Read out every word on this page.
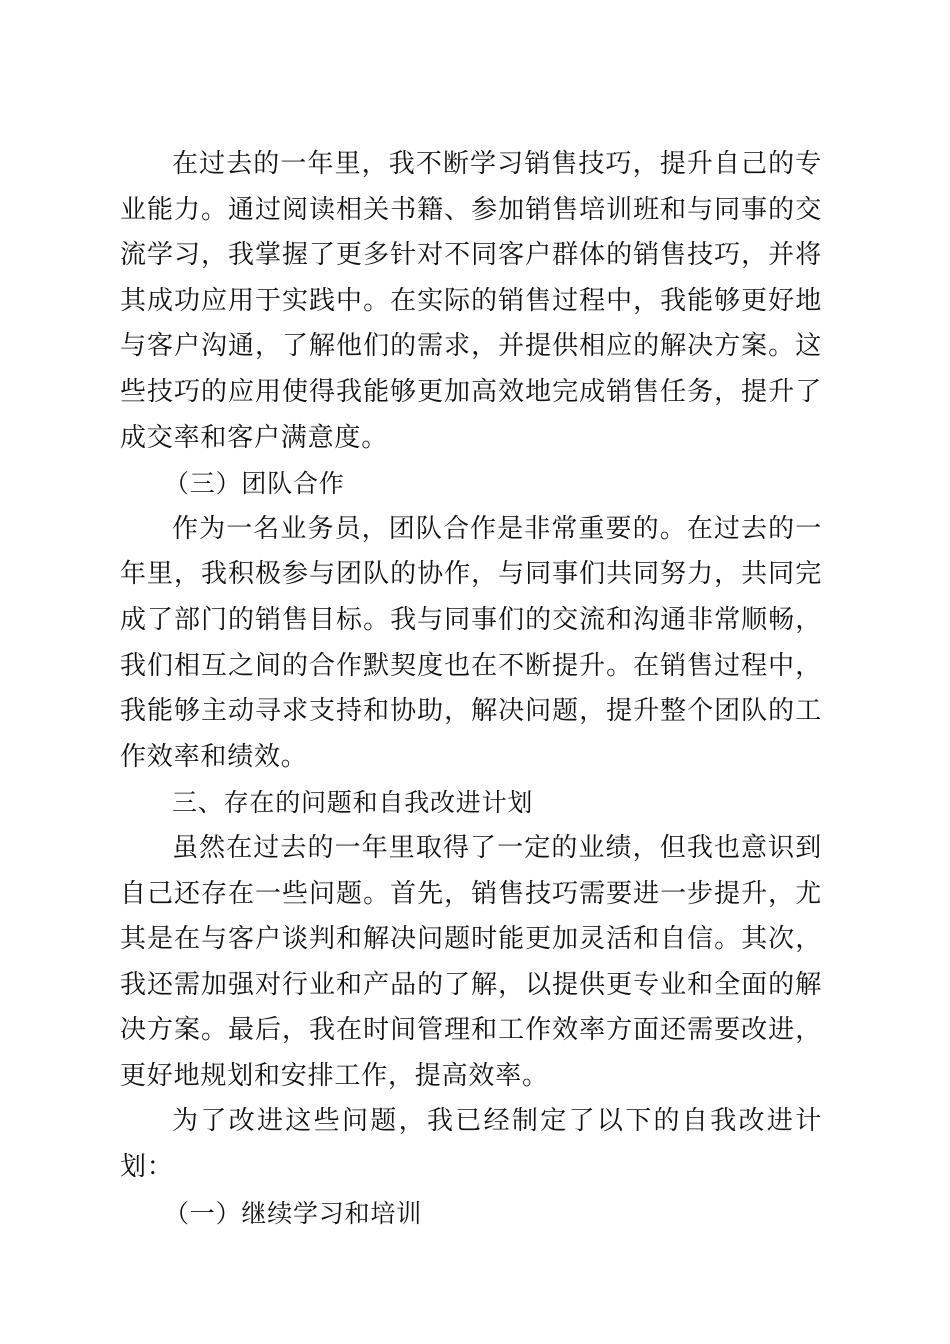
在过去的一年里，我不断学习销售技巧，提升自己的专业能力。通过阅读相关书籍、参加销售培训班和与同事的交流学习，我掌握了更多针对不同客户群体的销售技巧，并将其成功应用于实践中。在实际的销售过程中，我能够更好地与客户沟通，了解他们的需求，并提供相应的解决方案。这些技巧的应用使得我能够更加高效地完成销售任务，提升了成交率和客户满意度。

（三）团队合作

作为一名业务员，团队合作是非常重要的。在过去的一年里，我积极参与团队的协作，与同事们共同努力，共同完成了部门的销售目标。我与同事们的交流和沟通非常顺畅，我们相互之间的合作默契度也在不断提升。在销售过程中，我能够主动寻求支持和协助，解决问题，提升整个团队的工作效率和绩效。

三、存在的问题和自我改进计划

虽然在过去的一年里取得了一定的业绩，但我也意识到自己还存在一些问题。首先，销售技巧需要进一步提升，尤其是在与客户谈判和解决问题时能更加灵活和自信。其次，我还需加强对行业和产品的了解，以提供更专业和全面的解决方案。最后，我在时间管理和工作效率方面还需要改进，更好地规划和安排工作，提高效率。

为了改进这些问题，我已经制定了以下的自我改进计划：

（一）继续学习和培训
